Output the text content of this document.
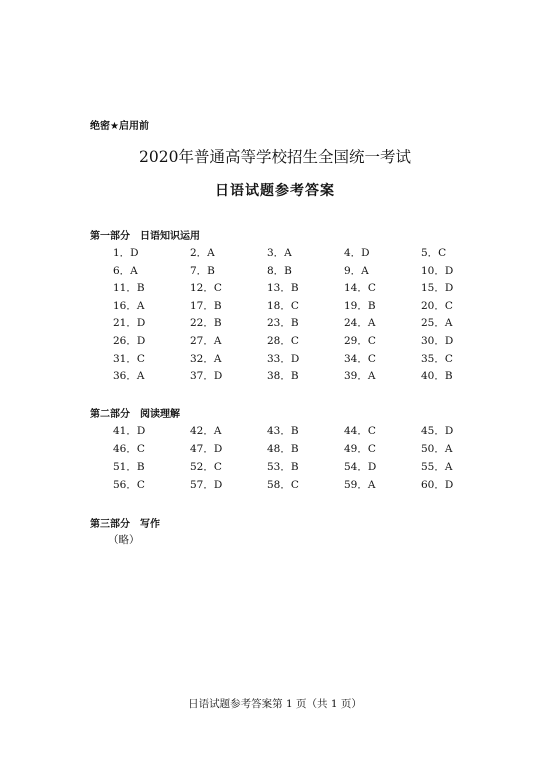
绝密★启用前
2020年普通高等学校招生全国统一考试
日语试题参考答案
第一部分　日语知识运用
1．D	2．A	3．A	4．D	5．C
6．A	7．B	8．B	9．A	10．D
11．B	12．C	13．B	14．C	15．D
16．A	17．B	18．C	19．B	20．C
21．D	22．B	23．B	24．A	25．A
26．D	27．A	28．C	29．C	30．D
31．C	32．A	33．D	34．C	35．C
36．A	37．D	38．B	39．A	40．B
第二部分　阅读理解
41．D	42．A	43．B	44．C	45．D
46．C	47．D	48．B	49．C	50．A
51．B	52．C	53．B	54．D	55．A
56．C	57．D	58．C	59．A	60．D
第三部分　写作
（略）
日语试题参考答案第 1 页（共 1 页）
